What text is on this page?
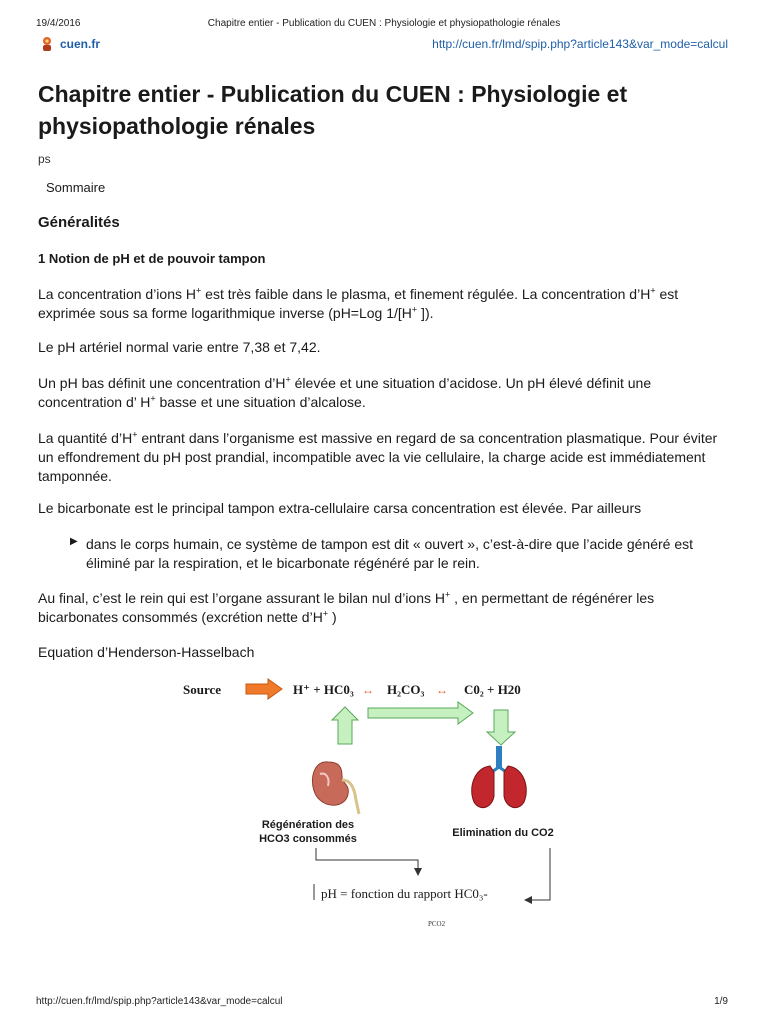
19/4/2016	Chapitre entier - Publication du CUEN : Physiologie et physiopathologie rénales
cuen.fr	http://cuen.fr/lmd/spip.php?article143&var_mode=calcul
Chapitre entier - Publication du CUEN : Physiologie et physiopathologie rénales
ps
Sommaire
Généralités
1 Notion de pH et de pouvoir tampon
La concentration d’ions H+ est très faible dans le plasma, et finement régulée. La concentration d’H+ est exprimée sous sa forme logarithmique inverse (pH=Log 1/[H+ ]).
Le pH artériel normal varie entre 7,38 et 7,42.
Un pH bas définit une concentration d’H+ élevée et une situation d’acidose. Un pH élevé définit une concentration d’ H+ basse et une situation d’alcalose.
La quantité d’H+ entrant dans l’organisme est massive en regard de sa concentration plasmatique. Pour éviter un effondrement du pH post prandial, incompatible avec la vie cellulaire, la charge acide est immédiatement tamponnée.
Le bicarbonate est le principal tampon extra-cellulaire carsa concentration est élevée. Par ailleurs
▶ dans le corps humain, ce système de tampon est dit « ouvert », c’est-à-dire que l’acide généré est éliminé par la respiration, et le bicarbonate régénéré par le rein.
Au final, c’est le rein qui est l’organe assurant le bilan nul d’ions H+ , en permettant de régénérer les bicarbonates consommés (excrétion nette d’H+ )
Equation d’Henderson-Hasselbach
Source	H⁺ + HC0₃ ↔ H₂CO₃ ↔ C0₂ + H20
Régénération des
HCO3 consommés	Elimination du CO2
pH = fonction du rapport HC0₃-
PCO2
http://cuen.fr/lmd/spip.php?article143&var_mode=calcul	1/9
